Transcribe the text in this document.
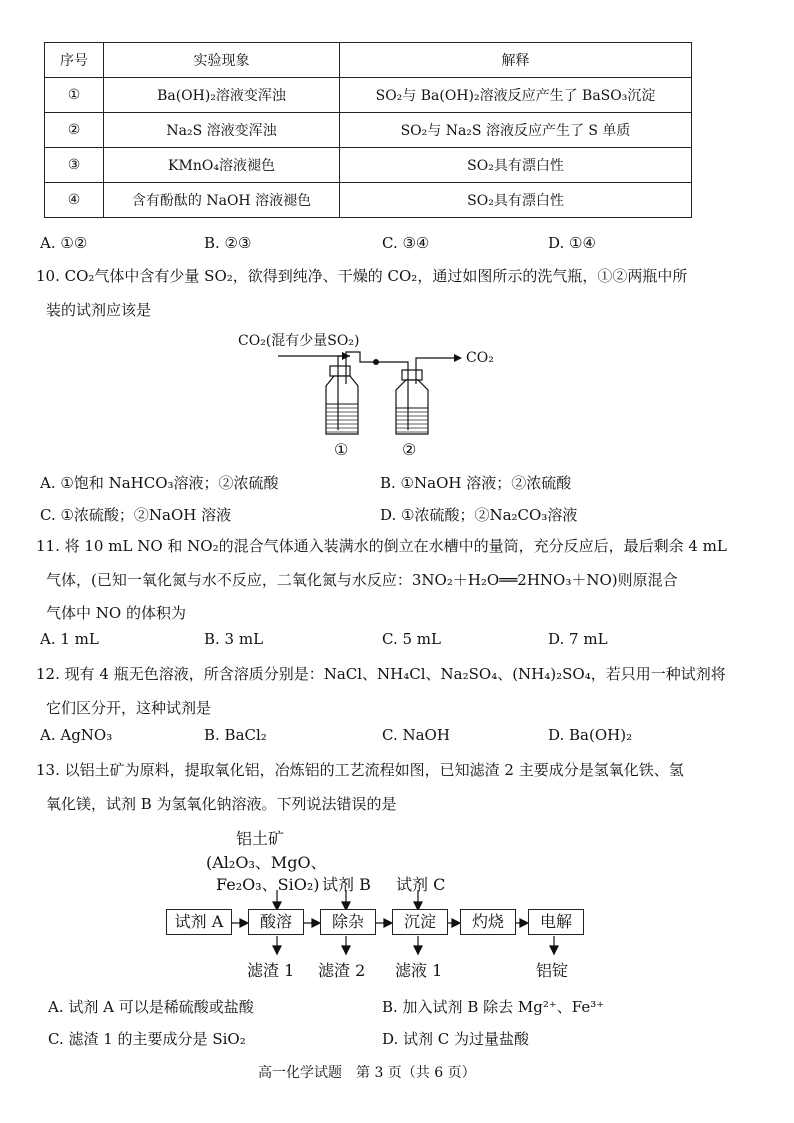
序号	实验现象	解释
①	Ba(OH)₂溶液变浑浊	SO₂与 Ba(OH)₂溶液反应产生了 BaSO₃沉淀
②	Na₂S 溶液变浑浊	SO₂与 Na₂S 溶液反应产生了 S 单质
③	KMnO₄溶液褪色	SO₂具有漂白性
④	含有酚酞的 NaOH 溶液褪色	SO₂具有漂白性
A. ①②	B. ②③	C. ③④	D. ①④
10. CO₂气体中含有少量 SO₂，欲得到纯净、干燥的 CO₂，通过如图所示的洗气瓶，①②两瓶中所
装的试剂应该是
CO₂(混有少量SO₂)
CO₂
①	②
A. ①饱和 NaHCO₃溶液；②浓硫酸	B. ①NaOH 溶液；②浓硫酸
C. ①浓硫酸；②NaOH 溶液	D. ①浓硫酸；②Na₂CO₃溶液
11. 将 10 mL NO 和 NO₂的混合气体通入装满水的倒立在水槽中的量筒，充分反应后，最后剩余 4 mL
气体，(已知一氧化氮与水不反应，二氧化氮与水反应：3NO₂＋H₂O══2HNO₃＋NO)则原混合
气体中 NO 的体积为
A. 1 mL	B. 3 mL	C. 5 mL	D. 7 mL
12. 现有 4 瓶无色溶液，所含溶质分别是：NaCl、NH₄Cl、Na₂SO₄、(NH₄)₂SO₄，若只用一种试剂将
它们区分开，这种试剂是
A. AgNO₃	B. BaCl₂	C. NaOH	D. Ba(OH)₂
13. 以铝土矿为原料，提取氧化铝，冶炼铝的工艺流程如图，已知滤渣 2 主要成分是氢氧化铁、氢
氧化镁，试剂 B 为氢氧化钠溶液。下列说法错误的是
铝土矿
(Al₂O₃、MgO、
Fe₂O₃、SiO₂) 试剂 B 试剂 C
试剂 A	酸溶	除杂	沉淀	灼烧	电解
滤渣 1 滤渣 2 滤液 1	铝锭
A. 试剂 A 可以是稀硫酸或盐酸	B. 加入试剂 B 除去 Mg²⁺、Fe³⁺
C. 滤渣 1 的主要成分是 SiO₂	D. 试剂 C 为过量盐酸
高一化学试题　第 3 页（共 6 页）
